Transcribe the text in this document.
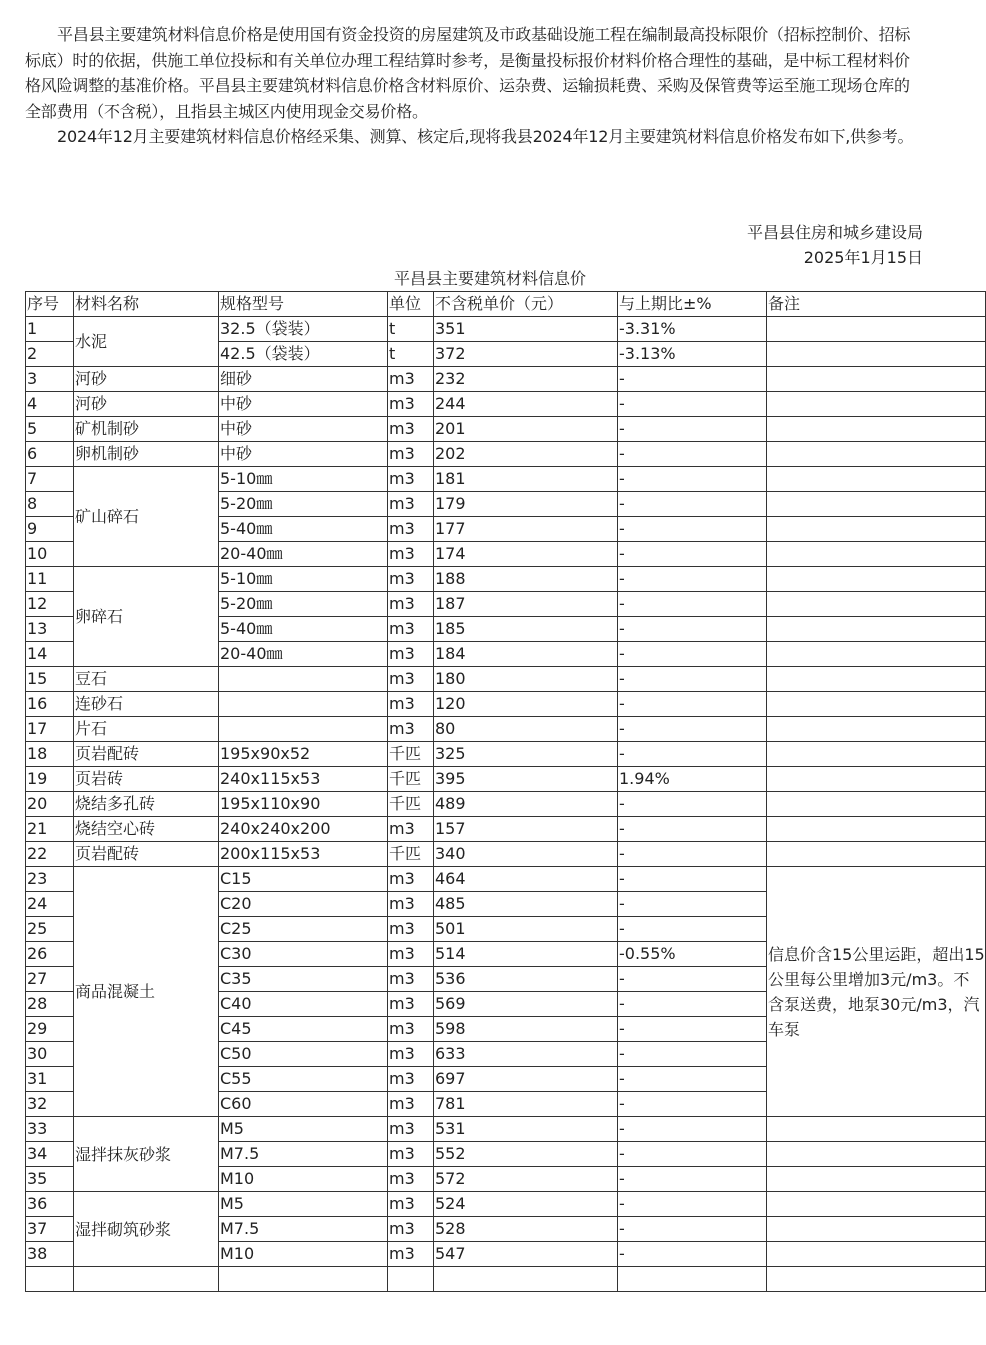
平昌县主要建筑材料信息价格是使用国有资金投资的房屋建筑及市政基础设施工程在编制最高投标限价（招标控制价、招标标底）时的依据，供施工单位投标和有关单位办理工程结算时参考，是衡量投标报价材料价格合理性的基础，是中标工程材料价格风险调整的基准价格。平昌县主要建筑材料信息价格含材料原价、运杂费、运输损耗费、采购及保管费等运至施工现场仓库的全部费用（不含税），且指县主城区内使用现金交易价格。

2024年12月主要建筑材料信息价格经采集、测算、核定后,现将我县2024年12月主要建筑材料信息价格发布如下,供参考。

平昌县住房和城乡建设局
2025年1月15日
平昌县主要建筑材料信息价
序号	材料名称	规格型号	单位	不含税单价（元）	与上期比±%	备注
1	水泥	32.5（袋装）	t	351	-3.31%	
2		42.5（袋装）	t	372	-3.13%	
3	河砂	细砂	m3	232	-	
4	河砂	中砂	m3	244	-	
5	矿机制砂	中砂	m3	201	-	
6	卵机制砂	中砂	m3	202	-	
7	矿山碎石	5-10㎜	m3	181	-	
8		5-20㎜	m3	179	-	
9		5-40㎜	m3	177	-	
10		20-40㎜	m3	174	-	
11	卵碎石	5-10㎜	m3	188	-	
12		5-20㎜	m3	187	-	
13		5-40㎜	m3	185	-	
14		20-40㎜	m3	184	-	
15	豆石		m3	180	-	
16	连砂石		m3	120	-	
17	片石		m3	80	-	
18	页岩配砖	195x90x52	千匹	325	-	
19	页岩砖	240x115x53	千匹	395	1.94%	
20	烧结多孔砖	195x110x90	千匹	489	-	
21	烧结空心砖	240x240x200	m3	157	-	
22	页岩配砖	200x115x53	千匹	340	-	
23	商品混凝土	C15	m3	464	-	信息价含15公里运距，超出15公里每公里增加3元/m3。不含泵送费，地泵30元/m3，汽车泵
24		C20	m3	485	-	
25		C25	m3	501	-	
26		C30	m3	514	-0.55%	
27		C35	m3	536	-	
28		C40	m3	569	-	
29		C45	m3	598	-	
30		C50	m3	633	-	
31		C55	m3	697	-	
32		C60	m3	781	-	
33	湿拌抹灰砂浆	M5	m3	531	-	
34		M7.5	m3	552	-	
35		M10	m3	572	-	
36	湿拌砌筑砂浆	M5	m3	524	-	
37		M7.5	m3	528	-	
38		M10	m3	547	-	
